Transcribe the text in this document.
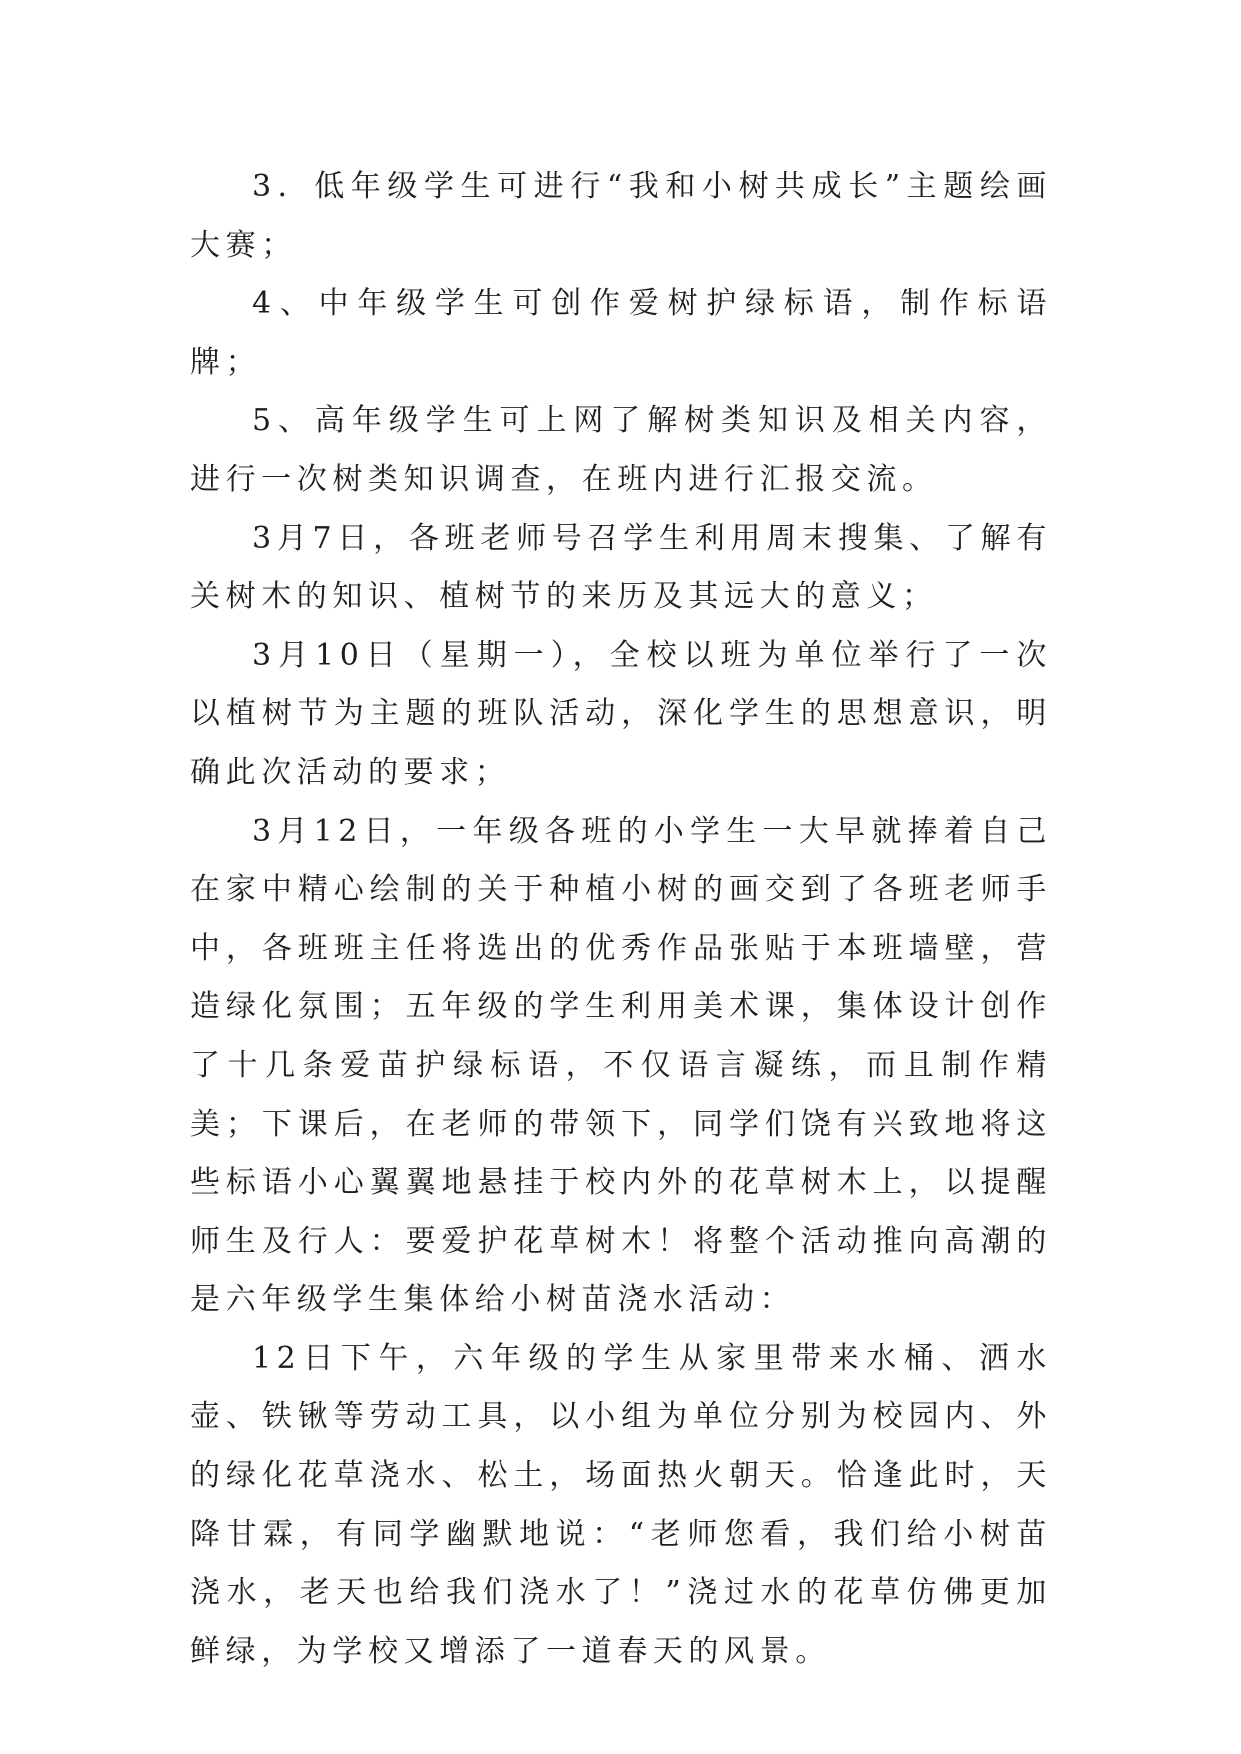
3．低年级学生可进行“我和小树共成长”主题绘画大赛；

4、中年级学生可创作爱树护绿标语，制作标语牌；

5、高年级学生可上网了解树类知识及相关内容，进行一次树类知识调查，在班内进行汇报交流。

3月7日，各班老师号召学生利用周末搜集、了解有关树木的知识、植树节的来历及其远大的意义；

3月10日（星期一），全校以班为单位举行了一次以植树节为主题的班队活动，深化学生的思想意识，明确此次活动的要求；

3月12日，一年级各班的小学生一大早就捧着自己在家中精心绘制的关于种植小树的画交到了各班老师手中，各班班主任将选出的优秀作品张贴于本班墙壁，营造绿化氛围；五年级的学生利用美术课，集体设计创作了十几条爱苗护绿标语，不仅语言凝练，而且制作精美；下课后，在老师的带领下，同学们饶有兴致地将这些标语小心翼翼地悬挂于校内外的花草树木上，以提醒师生及行人：要爱护花草树木！将整个活动推向高潮的是六年级学生集体给小树苗浇水活动：

12日下午，六年级的学生从家里带来水桶、洒水壶、铁锹等劳动工具，以小组为单位分别为校园内、外的绿化花草浇水、松土，场面热火朝天。恰逢此时，天降甘霖，有同学幽默地说：“老师您看，我们给小树苗浇水，老天也给我们浇水了！”浇过水的花草仿佛更加鲜绿，为学校又增添了一道春天的风景。
